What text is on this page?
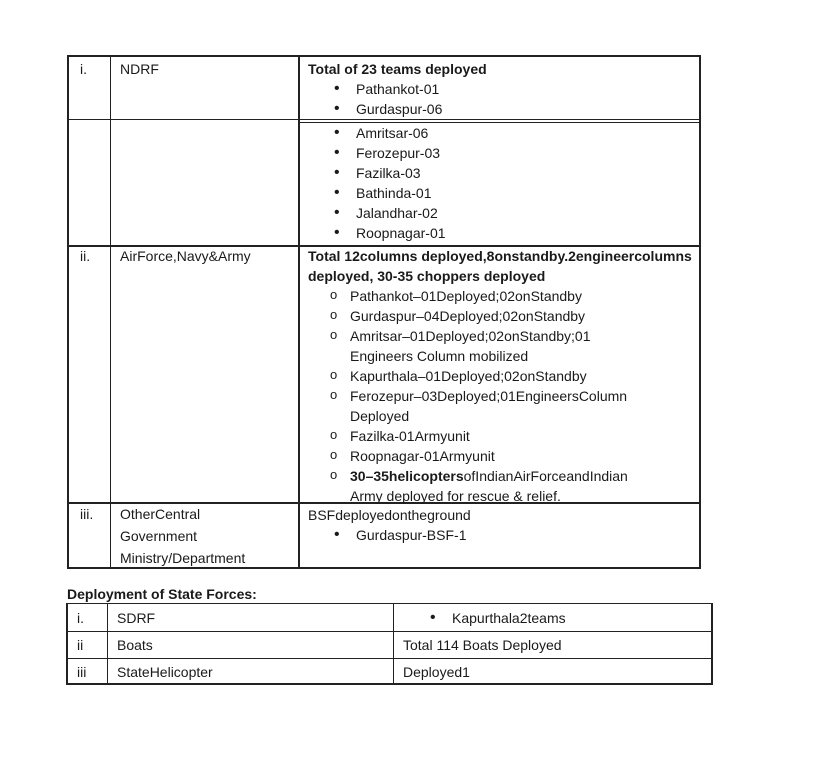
i. NDRF	Total of 23 teams deployed
• Pathankot-01
• Gurdaspur-06
• Amritsar-06
• Ferozepur-03
• Fazilka-03
• Bathinda-01
• Jalandhar-02
• Roopnagar-01
ii. AirForce,Navy&Army	Total 12columns deployed,8onstandby.2engineercolumns
deployed, 30-35 choppers deployed
o Pathankot–01Deployed;02onStandby
o Gurdaspur–04Deployed;02onStandby
o Amritsar–01Deployed;02onStandby;01
Engineers Column mobilized
o Kapurthala–01Deployed;02onStandby
o Ferozepur–03Deployed;01EngineersColumn
Deployed
o Fazilka-01Armyunit
o Roopnagar-01Armyunit
o 30–35helicoptersofIndianAirForceandIndian
Army deployed for rescue & relief.
iii. OtherCentral
Government
Ministry/Department
BSFdeployedontheground
• Gurdaspur-BSF-1
Deployment of State Forces:
i. SDRF
•	Kapurthala2teams
ii Boats	Total 114 Boats Deployed
iii StateHelicopter	Deployed1
